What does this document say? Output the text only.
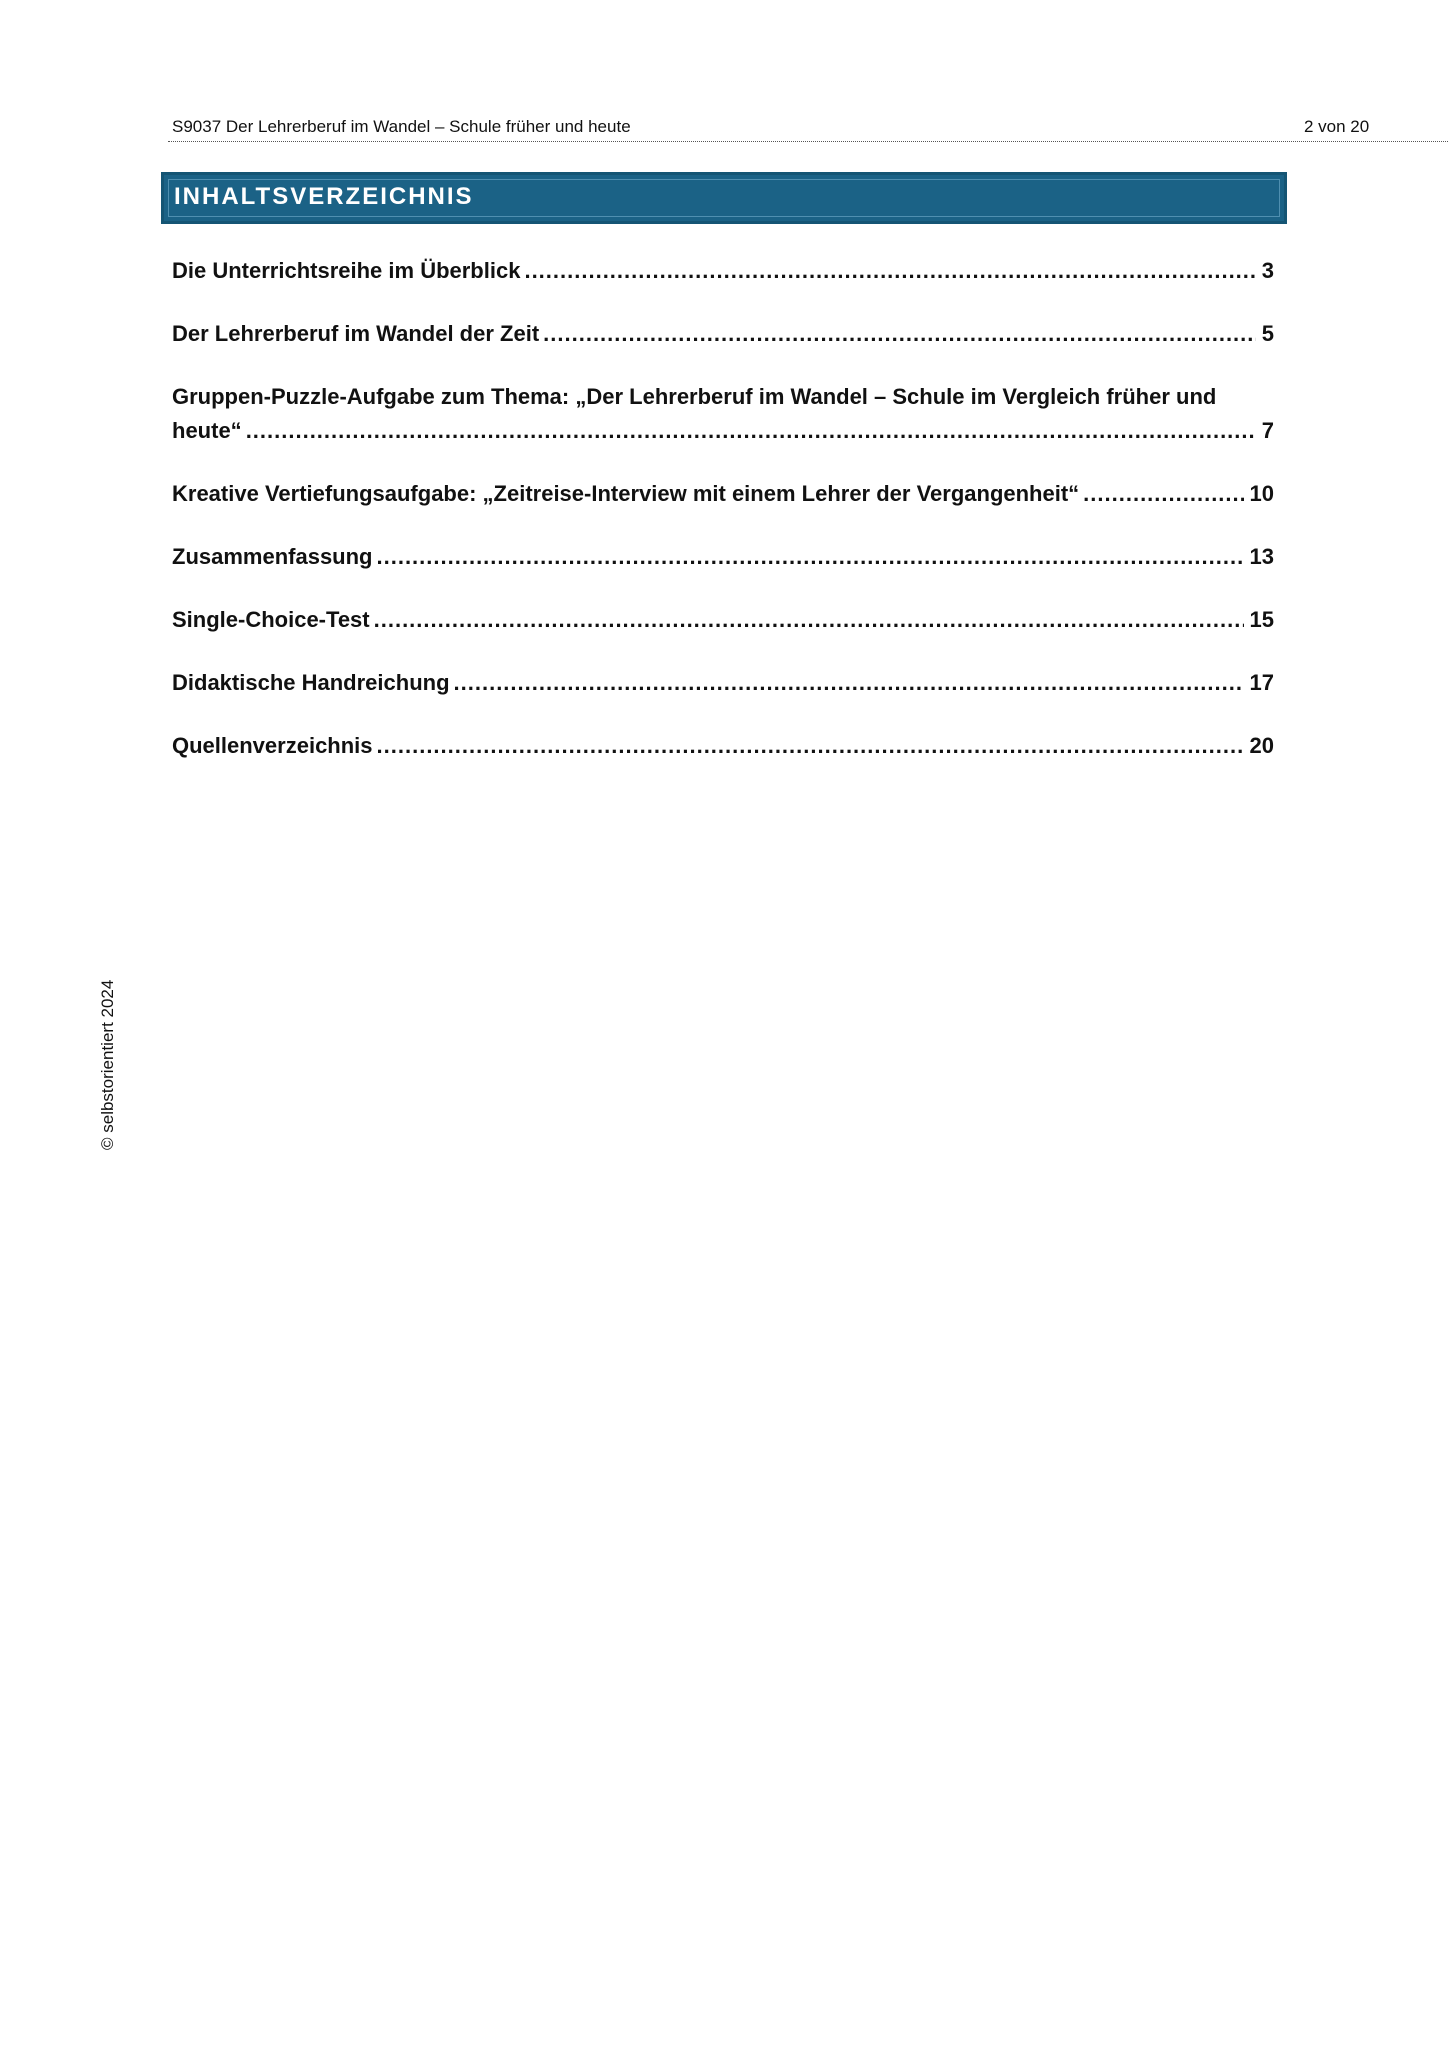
S9037 Der Lehrerberuf im Wandel – Schule früher und heute	2 von 20
INHALTSVERZEICHNIS
Die Unterrichtsreihe im Überblick .....	3
Der Lehrerberuf im Wandel der Zeit .....	5
Gruppen-Puzzle-Aufgabe zum Thema: „Der Lehrerberuf im Wandel – Schule im Vergleich früher und
heute“ .....	7
Kreative Vertiefungsaufgabe: „Zeitreise-Interview mit einem Lehrer der Vergangenheit“ .....	10
Zusammenfassung .....	13
Single-Choice-Test .....	15
Didaktische Handreichung .....	17
Quellenverzeichnis .....	20
© selbstorientiert 2024
